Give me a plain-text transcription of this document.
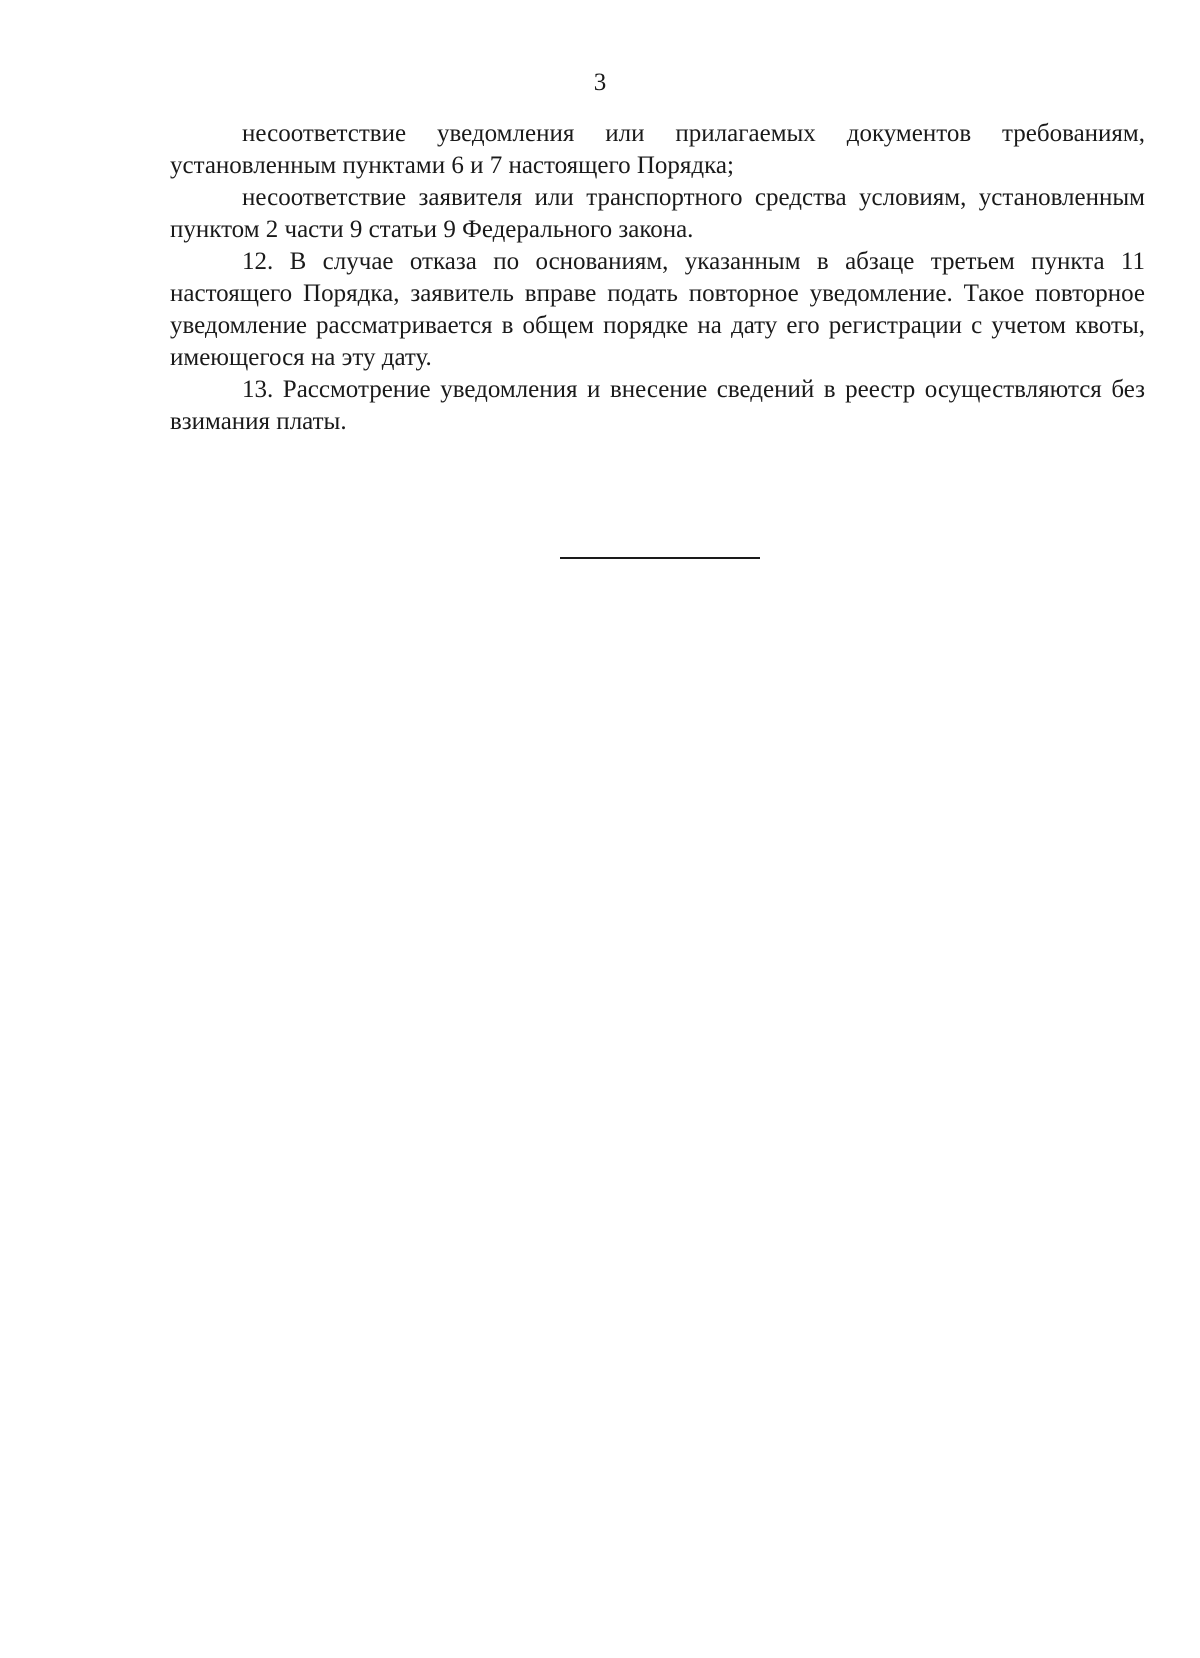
3

несоответствие уведомления или прилагаемых документов требованиям, установленным пунктами 6 и 7 настоящего Порядка;

несоответствие заявителя или транспортного средства условиям, установленным пунктом 2 части 9 статьи 9 Федерального закона.

12. В случае отказа по основаниям, указанным в абзаце третьем пункта 11 настоящего Порядка, заявитель вправе подать повторное уведомление. Такое повторное уведомление рассматривается в общем порядке на дату его регистрации с учетом квоты, имеющегося на эту дату.

13. Рассмотрение уведомления и внесение сведений в реестр осуществляются без взимания платы.
